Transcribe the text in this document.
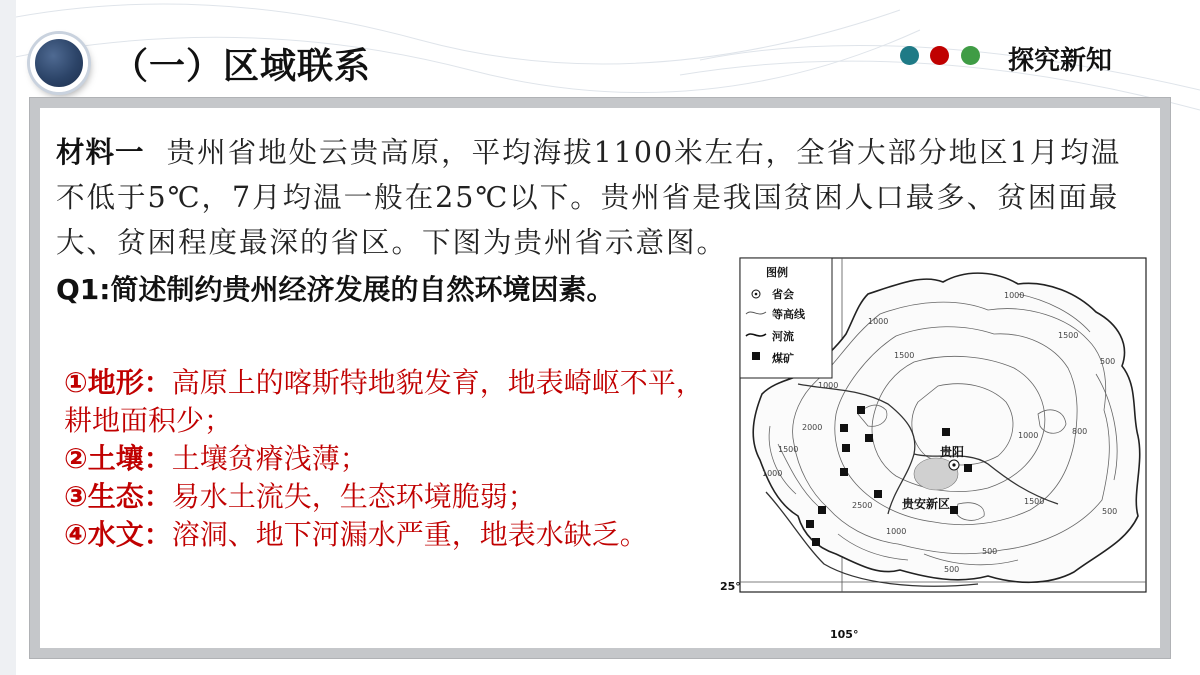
（一）区域联系	探究新知
材料一 贵州省地处云贵高原，平均海拔1100米左右，全省大部分地区1月均温不低于5℃，7月均温一般在25℃以下。贵州省是我国贫困人口最多、贫困面最大、贫困程度最深的省区。下图为贵州省示意图。
Q1:简述制约贵州经济发展的自然环境因素。
①地形：高原上的喀斯特地貌发育，地表崎岖不平，耕地面积少；
②土壤：土壤贫瘠浅薄；
③生态：易水土流失，生态环境脆弱；
④水文：溶洞、地下河漏水严重，地表水缺乏。
图例
省会
等高线
河流
煤矿
贵阳
贵安新区
1000
2000
1500
1000
1000
1000
1500
500
1500
2500
1000
1500
500
500
1000	800
500
25°
105°
